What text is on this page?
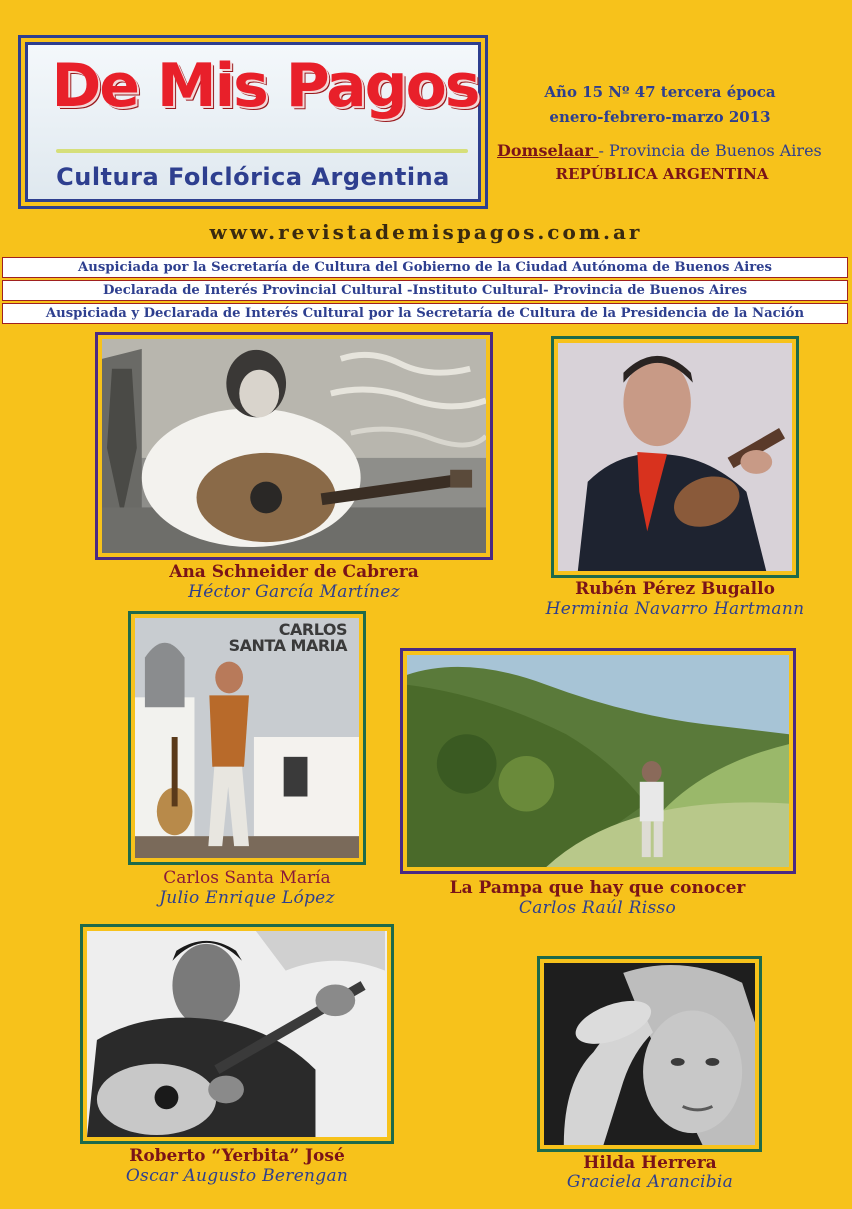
De Mis Pagos
Cultura Folclórica Argentina
Año 15 Nº 47 tercera época
enero-febrero-marzo 2013
Domselaar - Provincia de Buenos Aires
REPÚBLICA ARGENTINA
www.revistademispagos.com.ar
Auspiciada por la Secretaría de Cultura del Gobierno de la Ciudad Autónoma de Buenos Aires
Declarada de Interés Provincial Cultural -Instituto Cultural- Provincia de Buenos Aires
Auspiciada y Declarada de Interés Cultural por la Secretaría de Cultura de la Presidencia de la Nación
Ana Schneider de Cabrera
Héctor García Martínez	Rubén Pérez Bugallo
Herminia Navarro Hartmann
CARLOS
SANTA MARIA
Carlos Santa María
Julio Enrique López	La Pampa que hay que conocer
Carlos Raúl Risso
Roberto “Yerbita” José
Oscar Augusto Berengan
Hilda Herrera
Graciela Arancibia
